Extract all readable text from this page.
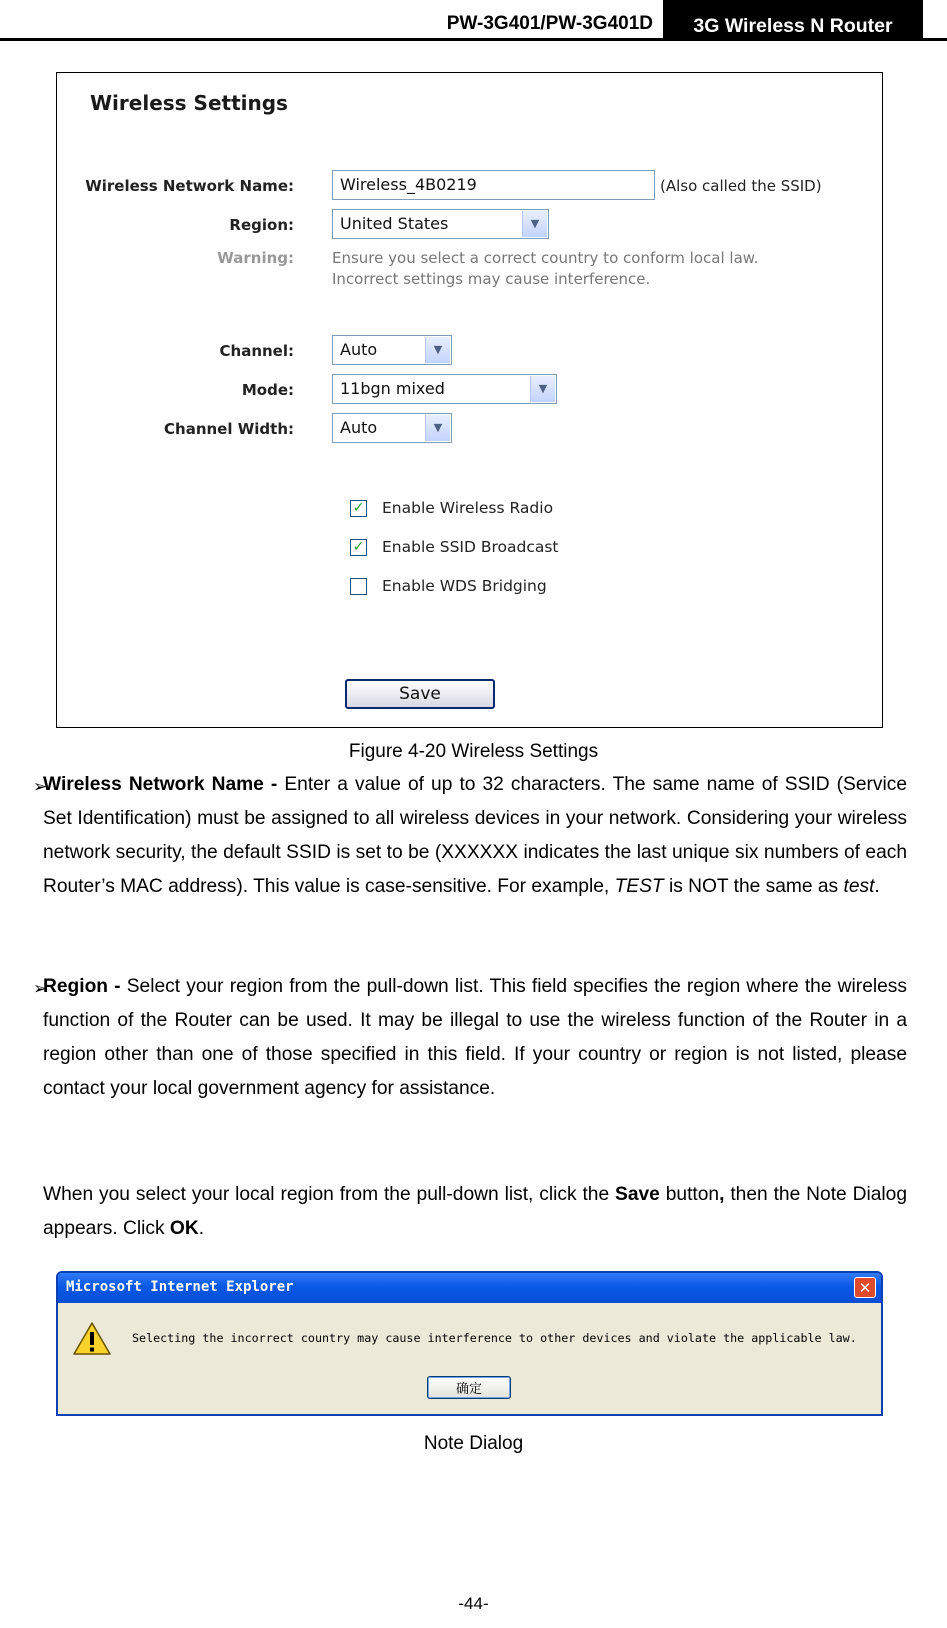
PW-3G401/PW-3G401D	3G Wireless N Router
Wireless Settings
Wireless Network Name:	Wireless_4B0219	(Also called the SSID)
Region:	United States	▼
Warning:	Ensure you select a correct country to conform local law.
Incorrect settings may cause interference.
Channel:	Auto	▼
Mode:	11bgn mixed	▼
Channel Width:	Auto	▼
✓ Enable Wireless Radio
✓ Enable SSID Broadcast
Enable WDS Bridging
Save
Figure 4-20 Wireless Settings
➢
Wireless Network Name - Enter a value of up to 32 characters. The same name of SSID (Service Set Identification) must be assigned to all wireless devices in your network. Considering your wireless network security, the default SSID is set to be (XXXXXX indicates the last unique six numbers of each Router’s MAC address). This value is case-sensitive. For example, TEST is NOT the same as test.
➢
Region - Select your region from the pull-down list. This field specifies the region where the wireless function of the Router can be used. It may be illegal to use the wireless function of the Router in a region other than one of those specified in this field. If your country or region is not listed, please contact your local government agency for assistance.
When you select your local region from the pull-down list, click the Save button, then the Note Dialog appears. Click OK.
Microsoft Internet Explorer	✕
Selecting the incorrect country may cause interference to other devices and violate the applicable law.
确定
Note Dialog
-44-
